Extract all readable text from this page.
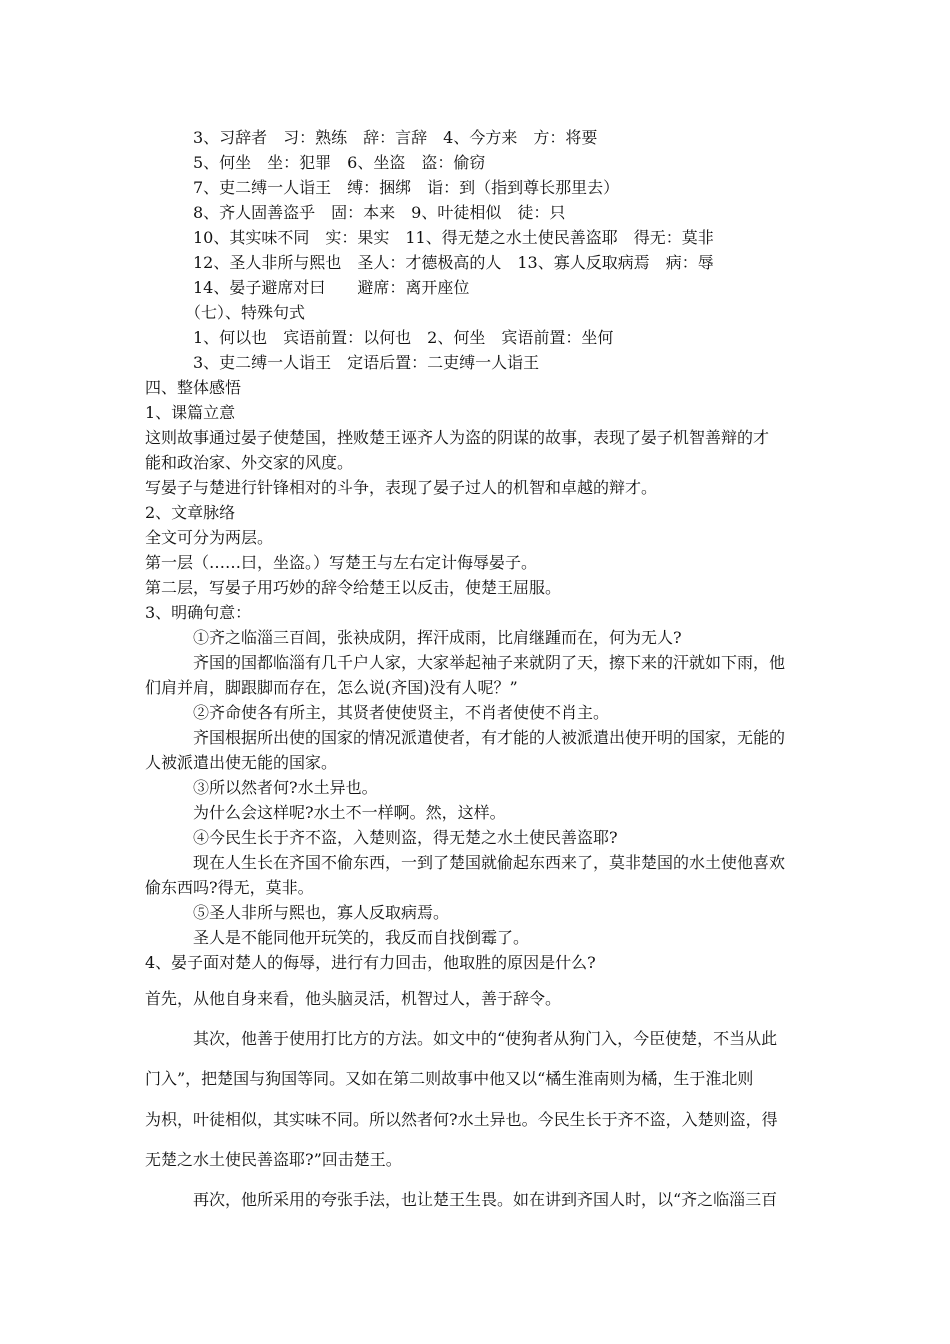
3、习辞者　习：熟练　辞：言辞　4、今方来　方：将要
5、何坐　坐：犯罪　6、坐盗　盗：偷窃
7、吏二缚一人诣王　缚：捆绑　诣：到（指到尊长那里去）
8、齐人固善盗乎　固：本来　9、叶徒相似　徒：只
10、其实味不同　实：果实　11、得无楚之水土使民善盗耶　得无：莫非
12、圣人非所与熙也　圣人：才德极高的人　13、寡人反取病焉　病：辱
14、晏子避席对曰　　避席：离开座位
（七）、特殊句式
1、何以也　宾语前置：以何也　2、何坐　宾语前置：坐何
3、吏二缚一人诣王　定语后置：二吏缚一人诣王
四、整体感悟
1、课篇立意
这则故事通过晏子使楚国，挫败楚王诬齐人为盗的阴谋的故事，表现了晏子机智善辩的才
能和政治家、外交家的风度。
写晏子与楚进行针锋相对的斗争，表现了晏子过人的机智和卓越的辩才。
2、文章脉络
全文可分为两层。
第一层（……曰，坐盗。）写楚王与左右定计侮辱晏子。
第二层，写晏子用巧妙的辞令给楚王以反击，使楚王屈服。
3、明确句意：
①齐之临淄三百闾，张袂成阴，挥汗成雨，比肩继踵而在，何为无人?
齐国的国都临淄有几千户人家，大家举起袖子来就阴了天，擦下来的汗就如下雨，他
们肩并肩，脚跟脚而存在，怎么说(齐国)没有人呢？”
②齐命使各有所主，其贤者使使贤主，不肖者使使不肖主。
齐国根据所出使的国家的情况派遣使者，有才能的人被派遣出使开明的国家，无能的
人被派遣出使无能的国家。
③所以然者何?水土异也。
为什么会这样呢?水土不一样啊。然，这样。
④今民生长于齐不盗，入楚则盗，得无楚之水土使民善盗耶?
现在人生长在齐国不偷东西，一到了楚国就偷起东西来了，莫非楚国的水土使他喜欢
偷东西吗?得无，莫非。
⑤圣人非所与熙也，寡人反取病焉。
圣人是不能同他开玩笑的，我反而自找倒霉了。
4、晏子面对楚人的侮辱，进行有力回击，他取胜的原因是什么?
首先，从他自身来看，他头脑灵活，机智过人，善于辞令。
其次，他善于使用打比方的方法。如文中的“使狗者从狗门入，今臣使楚，不当从此
门入”，把楚国与狗国等同。又如在第二则故事中他又以“橘生淮南则为橘，生于淮北则
为枳，叶徒相似，其实味不同。所以然者何?水土异也。今民生长于齐不盗，入楚则盗，得
无楚之水土使民善盗耶?”回击楚王。
再次，他所采用的夸张手法，也让楚王生畏。如在讲到齐国人时，以“齐之临淄三百
